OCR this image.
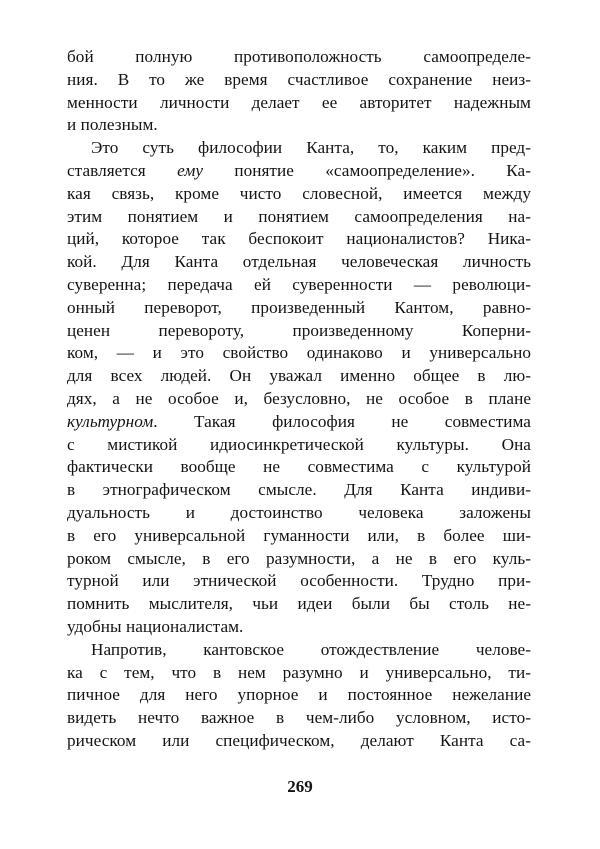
бой полную противоположность самоопределе-
ния. В то же время счастливое сохранение неиз-
менности личности делает ее авторитет надежным
и полезным.
Это суть философии Канта, то, каким пред-
ставляется ему понятие «самоопределение». Ка-
кая связь, кроме чисто словесной, имеется между
этим понятием и понятием самоопределения на-
ций, которое так беспокоит националистов? Ника-
кой. Для Канта отдельная человеческая личность
суверенна; передача ей суверенности — революци-
онный переворот, произведенный Кантом, равно-
ценен перевороту, произведенному Коперни-
ком, — и это свойство одинаково и универсально
для всех людей. Он уважал именно общее в лю-
дях, а не особое и, безусловно, не особое в плане
культурном. Такая философия не совместима
с мистикой идиосинкретической культуры. Она
фактически вообще не совместима с культурой
в этнографическом смысле. Для Канта индиви-
дуальность и достоинство человека заложены
в его универсальной гуманности или, в более ши-
роком смысле, в его разумности, а не в его куль-
турной или этнической особенности. Трудно при-
помнить мыслителя, чьи идеи были бы столь не-
удобны националистам.
Напротив, кантовское отождествление челове-
ка с тем, что в нем разумно и универсально, ти-
пичное для него упорное и постоянное нежелание
видеть нечто важное в чем-либо условном, исто-
рическом или специфическом, делают Канта са-
269
